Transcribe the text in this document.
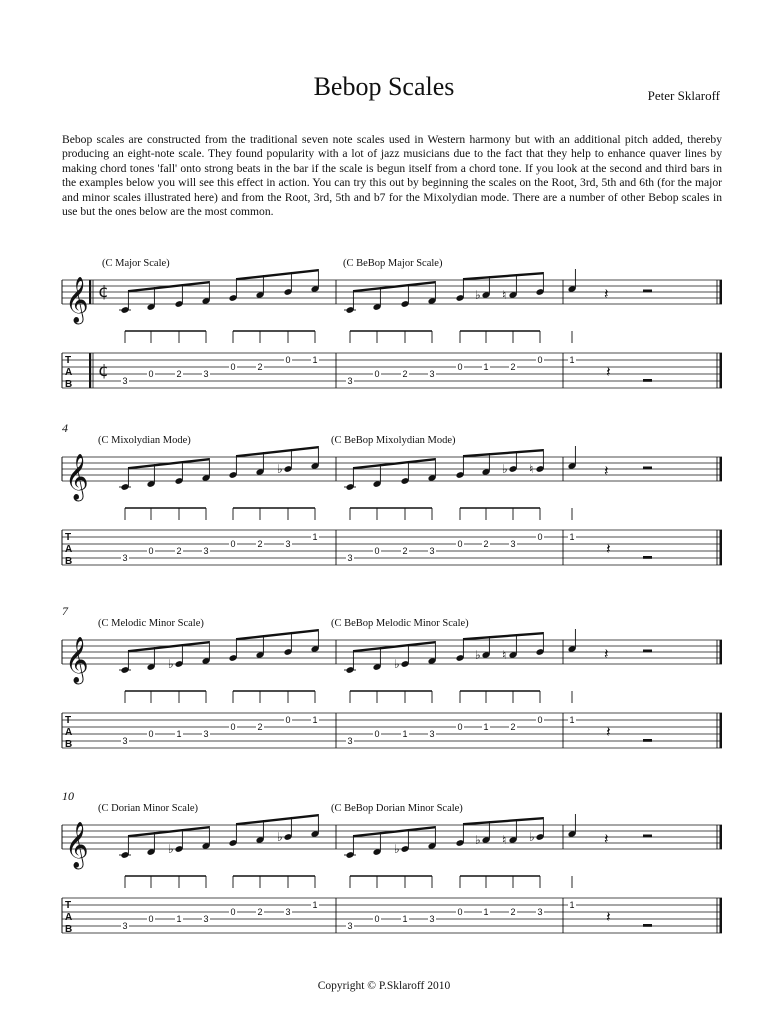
Bebop Scales	Peter Sklaroff

Bebop scales are constructed from the traditional seven note scales used in Western harmony but with an additional pitch added, thereby producing an eight-note scale. They found popularity with a lot of jazz musicians due to the fact that they help to enhance quaver lines by making chord tones 'fall' onto strong beats in the bar if the scale is begun itself from a chord tone. If you look at the second and third bars in the examples below you will see this effect in action. You can try this out by beginning the scales on the Root, 3rd, 5th and 6th (for the major and minor scales illustrated here) and from the Root, 3rd, 5th and b7 for the Mixolydian mode. There are a number of other Bebop scales in use but the ones below are the most common.

(C Major Scale)	(C BeBop Major Scale)
𝄞 ¢
¢
T
A
B	3
0	2 3
0 2
0 1
♭ ♮
3
0	2 3
0 1 2
0
𝄽
1
𝄽
4
(C Mixolydian Mode)	(C BeBop Mixolydian Mode)
𝄞
T
A
B
♭
3
0	2 3
0 2	3
1
♭ ♮
3
0	2 3
0 2 3
0
𝄽
1
𝄽
7
(C Melodic Minor Scale)	(C BeBop Melodic Minor Scale)
𝄞
T
A
B
♭
3
0	1 3
0 2
0 1
♭
♭ ♮
3
0	1 3
0 1 2
0
𝄽
1
𝄽
10
(C Dorian Minor Scale)	(C BeBop Dorian Minor Scale)
𝄞
T
A
B
♭
♭
3
0	1 3
0 2	3
1
♭
♭ ♮ ♭
3
0	1 3
0 1 2 3
𝄽
1
𝄽
Copyright © P.Sklaroff 2010
